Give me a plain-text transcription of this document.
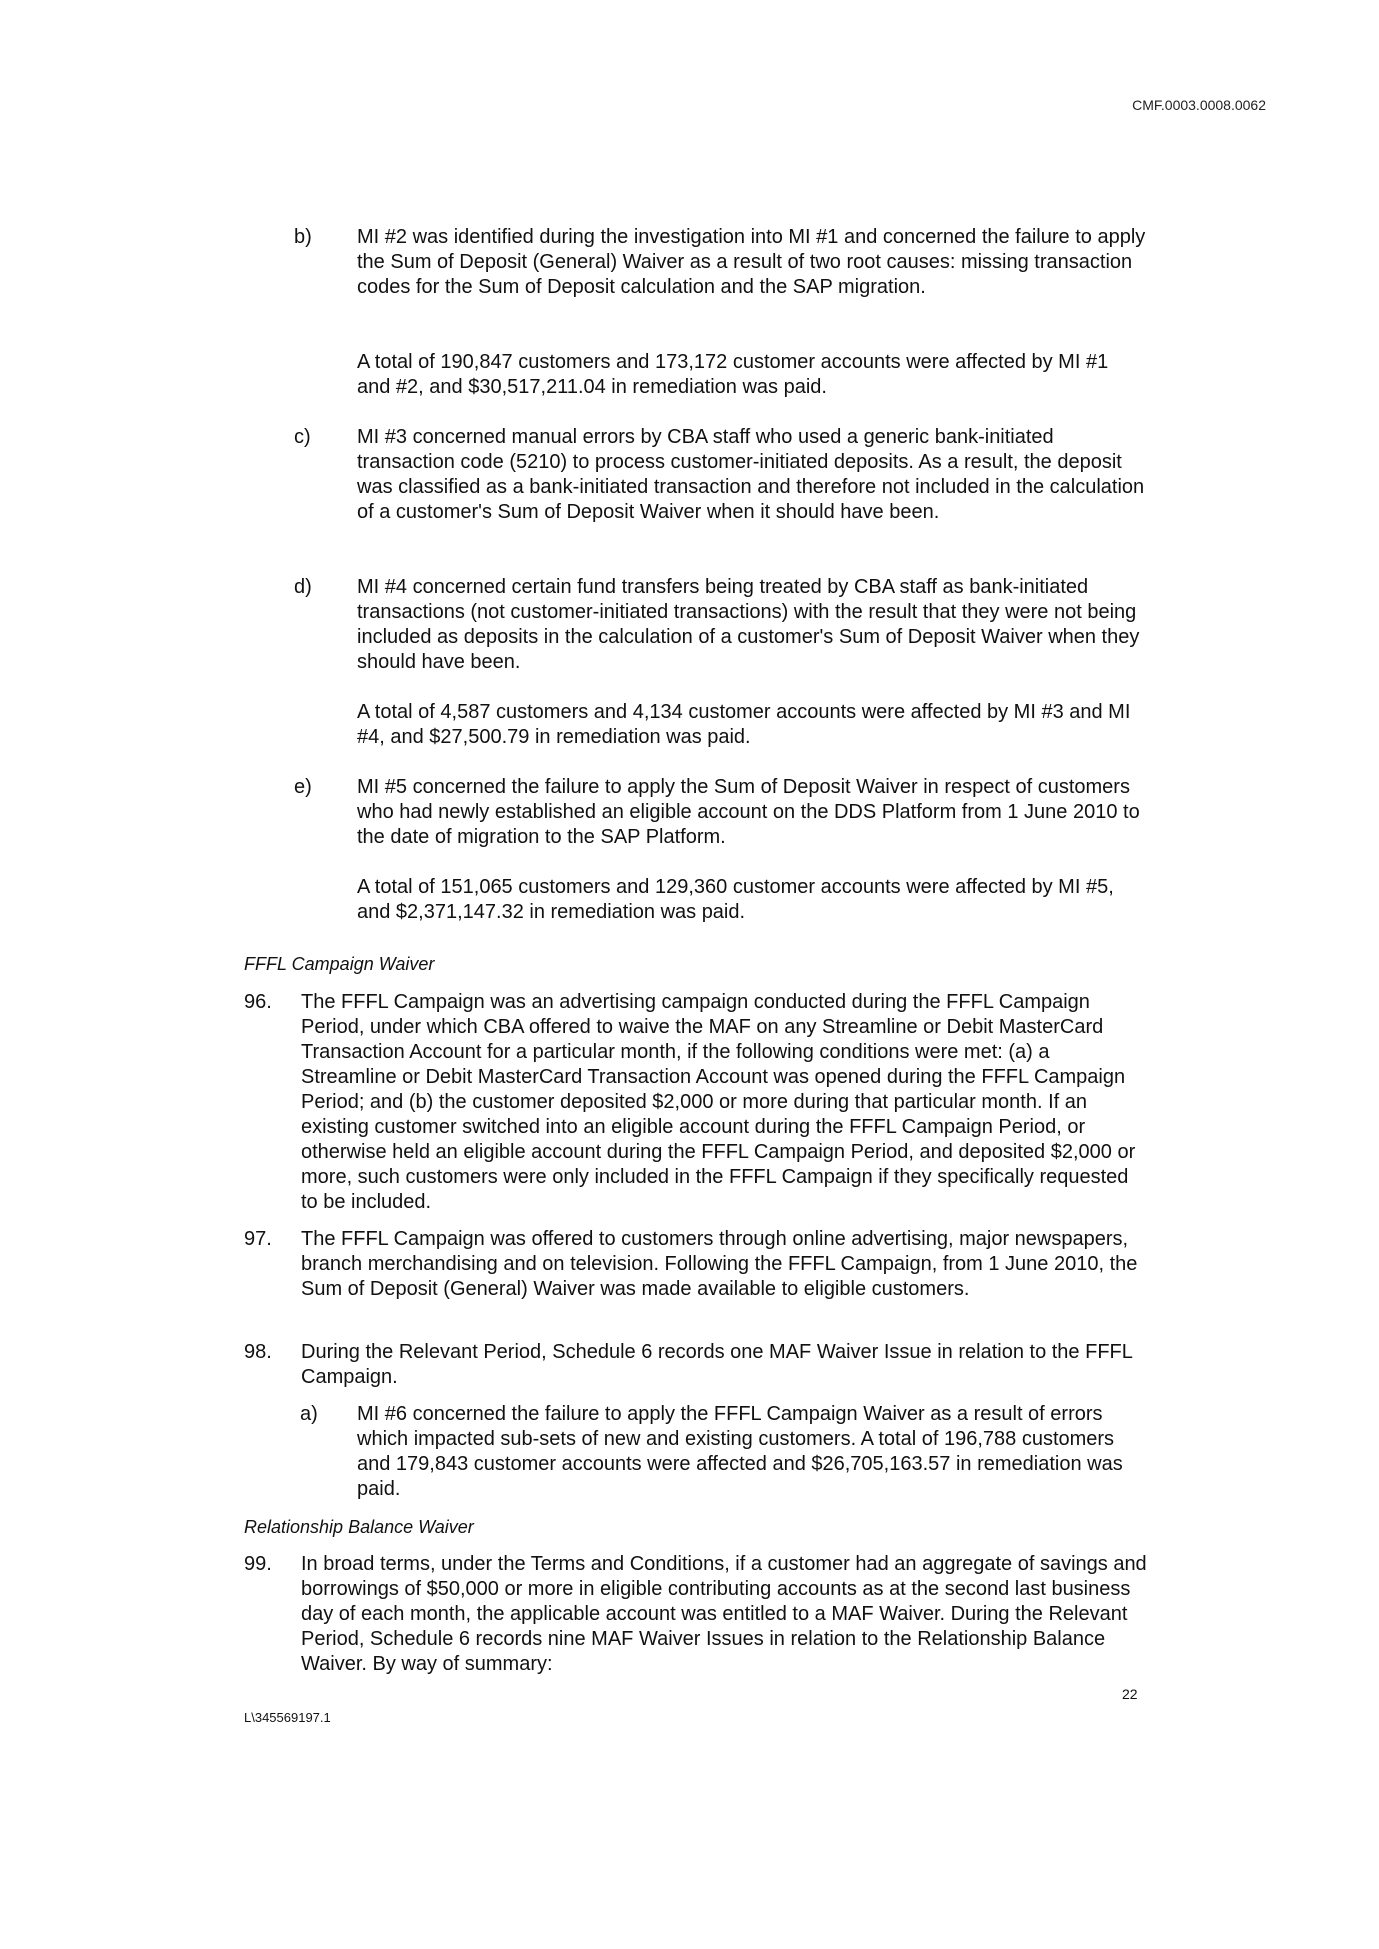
CMF.0003.0008.0062
b) MI #2 was identified during the investigation into MI #1 and concerned the failure to apply the Sum of Deposit (General) Waiver as a result of two root causes: missing transaction codes for the Sum of Deposit calculation and the SAP migration.
A total of 190,847 customers and 173,172 customer accounts were affected by MI #1 and #2, and $30,517,211.04 in remediation was paid.
c) MI #3 concerned manual errors by CBA staff who used a generic bank-initiated transaction code (5210) to process customer-initiated deposits. As a result, the deposit was classified as a bank-initiated transaction and therefore not included in the calculation of a customer's Sum of Deposit Waiver when it should have been.
d) MI #4 concerned certain fund transfers being treated by CBA staff as bank-initiated transactions (not customer-initiated transactions) with the result that they were not being included as deposits in the calculation of a customer's Sum of Deposit Waiver when they should have been.
A total of 4,587 customers and 4,134 customer accounts were affected by MI #3 and MI #4, and $27,500.79 in remediation was paid.
e) MI #5 concerned the failure to apply the Sum of Deposit Waiver in respect of customers who had newly established an eligible account on the DDS Platform from 1 June 2010 to the date of migration to the SAP Platform.
A total of 151,065 customers and 129,360 customer accounts were affected by MI #5, and $2,371,147.32 in remediation was paid.
FFFL Campaign Waiver
96. The FFFL Campaign was an advertising campaign conducted during the FFFL Campaign Period, under which CBA offered to waive the MAF on any Streamline or Debit MasterCard Transaction Account for a particular month, if the following conditions were met: (a) a Streamline or Debit MasterCard Transaction Account was opened during the FFFL Campaign Period; and (b) the customer deposited $2,000 or more during that particular month. If an existing customer switched into an eligible account during the FFFL Campaign Period, or otherwise held an eligible account during the FFFL Campaign Period, and deposited $2,000 or more, such customers were only included in the FFFL Campaign if they specifically requested to be included.
97. The FFFL Campaign was offered to customers through online advertising, major newspapers, branch merchandising and on television. Following the FFFL Campaign, from 1 June 2010, the Sum of Deposit (General) Waiver was made available to eligible customers.
98. During the Relevant Period, Schedule 6 records one MAF Waiver Issue in relation to the FFFL Campaign.
a) MI #6 concerned the failure to apply the FFFL Campaign Waiver as a result of errors which impacted sub-sets of new and existing customers. A total of 196,788 customers and 179,843 customer accounts were affected and $26,705,163.57 in remediation was paid.
Relationship Balance Waiver
99. In broad terms, under the Terms and Conditions, if a customer had an aggregate of savings and borrowings of $50,000 or more in eligible contributing accounts as at the second last business day of each month, the applicable account was entitled to a MAF Waiver. During the Relevant Period, Schedule 6 records nine MAF Waiver Issues in relation to the Relationship Balance Waiver. By way of summary:
22
L\345569197.1
